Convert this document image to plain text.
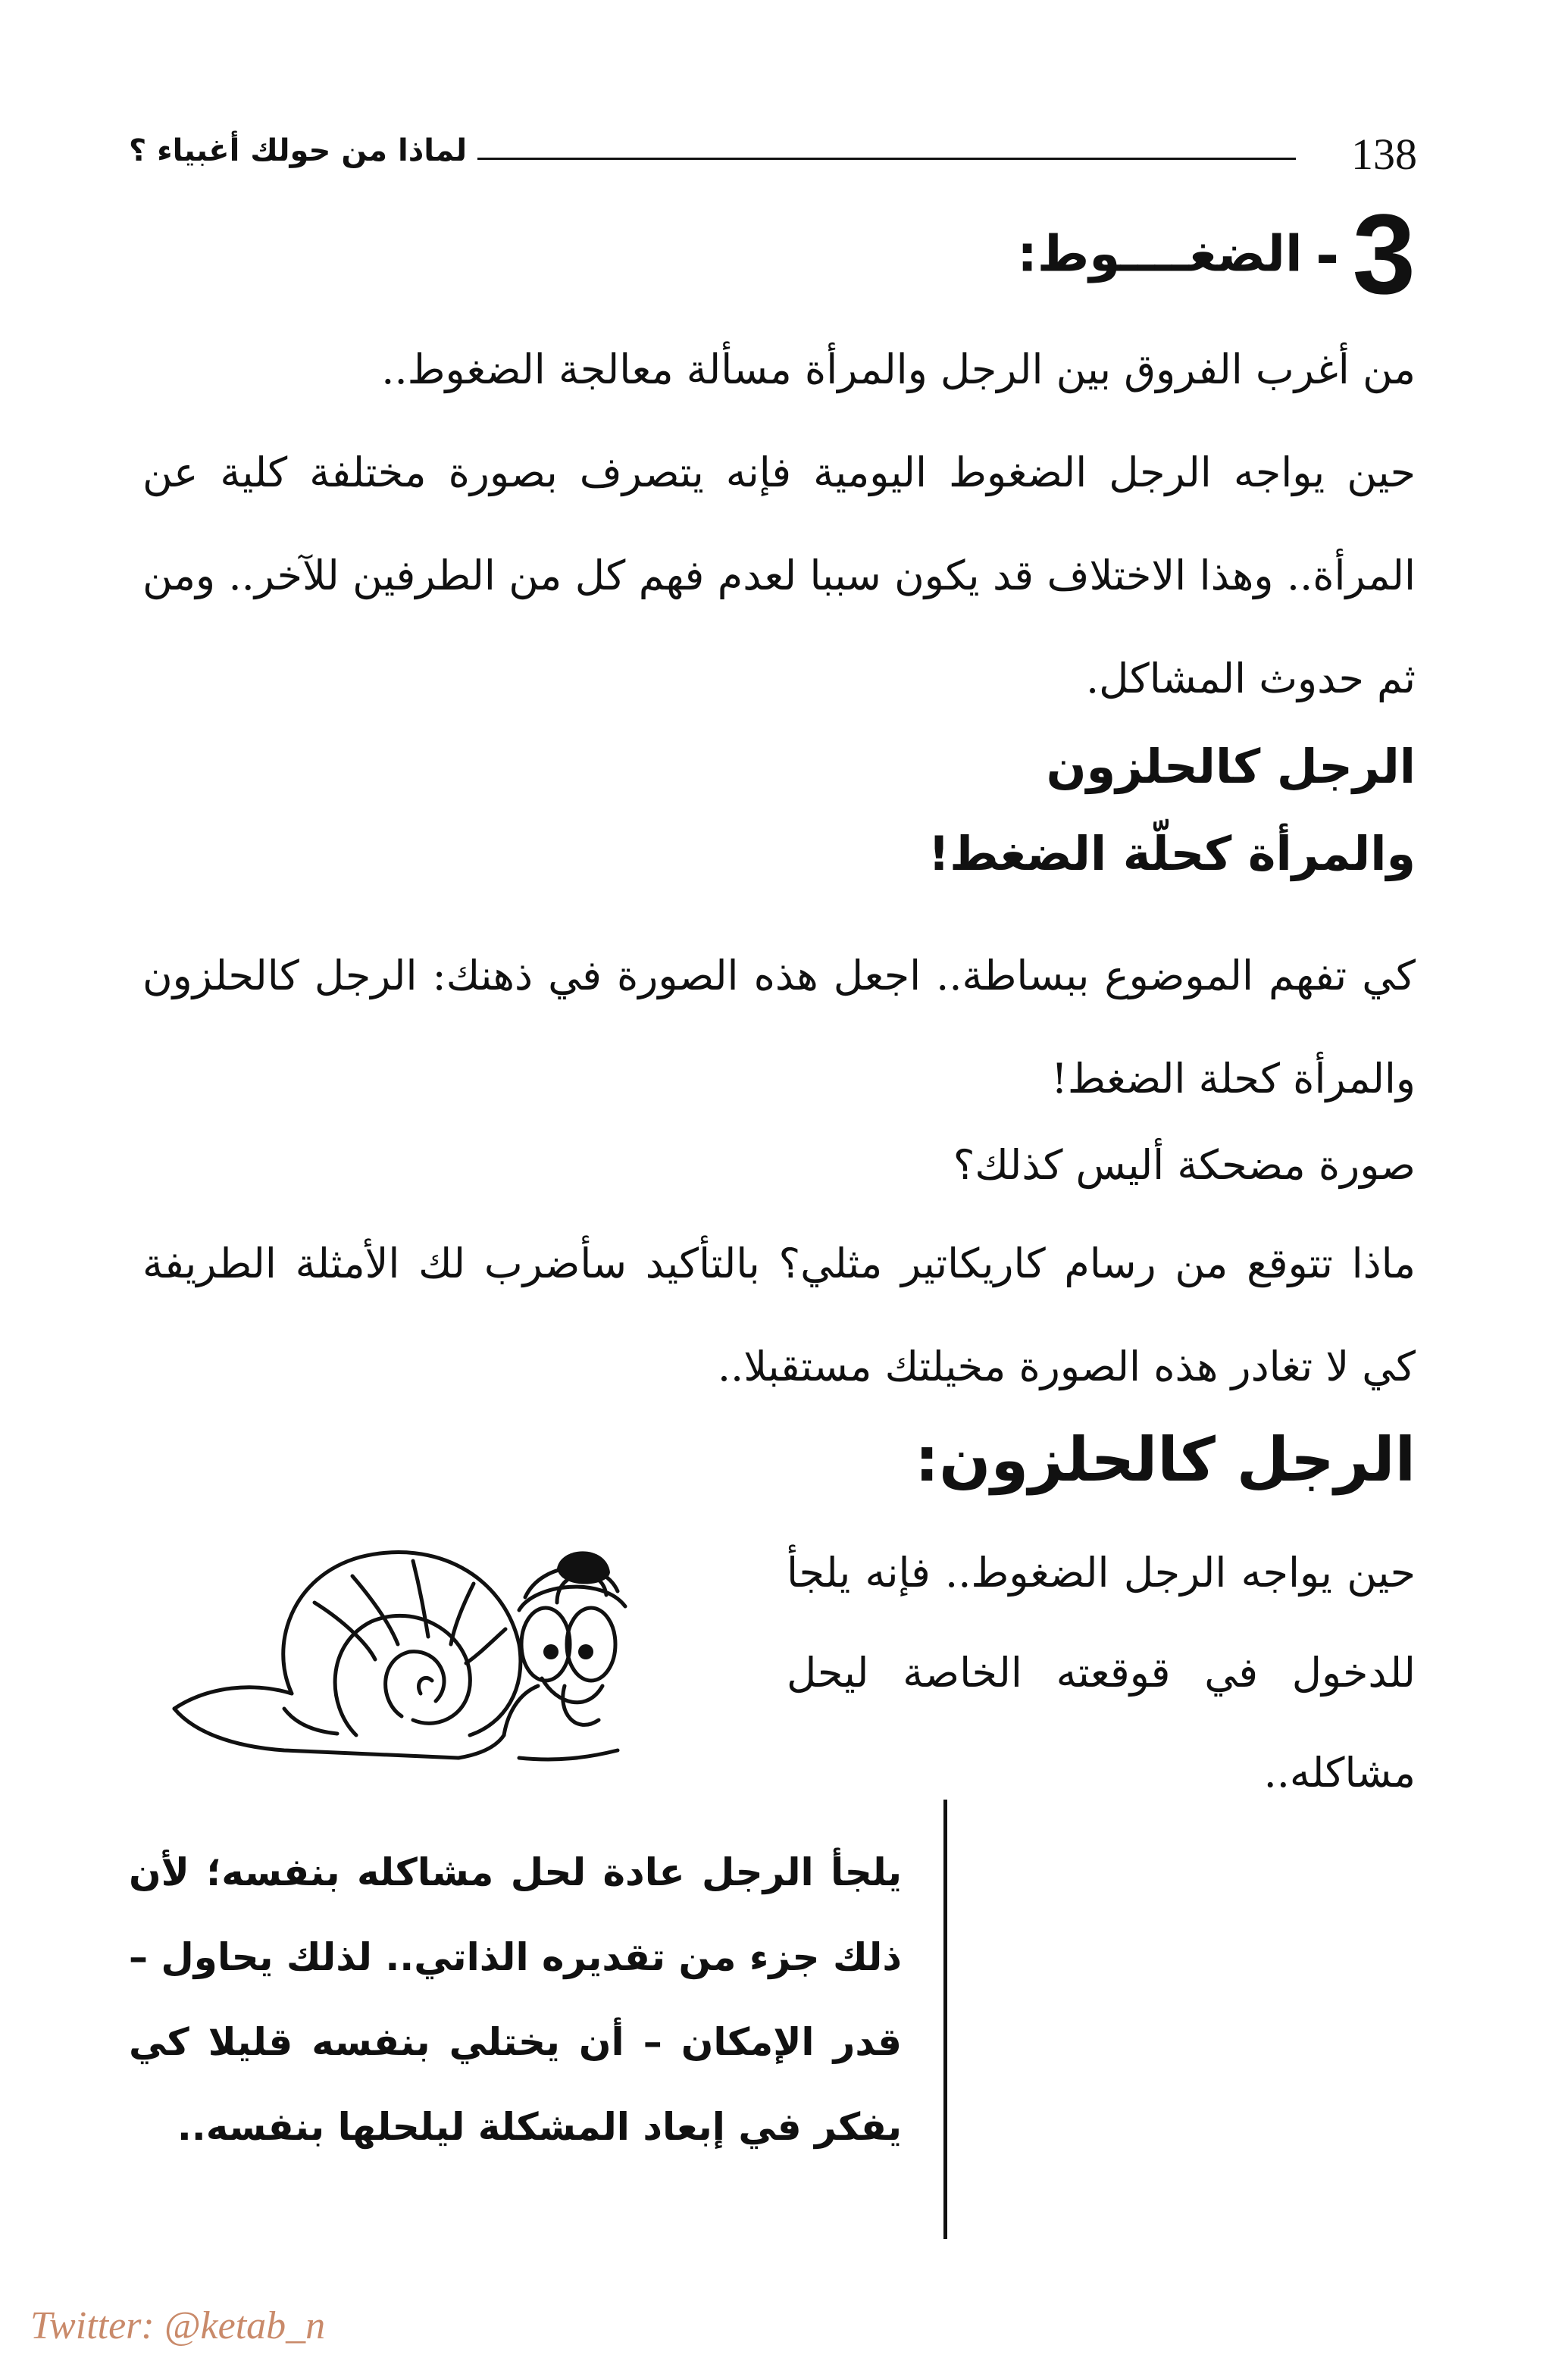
لماذا من حولك أغبياء ؟	138
3-الضغــــوط:
من أغرب الفروق بين الرجل والمرأة مسألة معالجة الضغوط..
حين يواجه الرجل الضغوط اليومية فإنه يتصرف بصورة مختلفة كلية عن المرأة.. وهذا الاختلاف قد يكون سببا لعدم فهم كل من الطرفين للآخر.. ومن ثم حدوث المشاكل.
الرجل كالحلزون
والمرأة كحلّة الضغط!
كي تفهم الموضوع ببساطة.. اجعل هذه الصورة في ذهنك: الرجل كالحلزون والمرأة كحلة الضغط!
صورة مضحكة أليس كذلك؟
ماذا تتوقع من رسام كاريكاتير مثلي؟ بالتأكيد سأضرب لك الأمثلة الطريفة كي لا تغادر هذه الصورة مخيلتك مستقبلا..
الرجل كالحلزون:
حين يواجه الرجل الضغوط.. فإنه يلجأ للدخول في قوقعته الخاصة ليحل مشاكله..
يلجأ الرجل عادة لحل مشاكله بنفسه؛ لأن ذلك جزء من تقديره الذاتي.. لذلك يحاول – قدر الإمكان – أن يختلي بنفسه قليلا كي يفكر في إبعاد المشكلة ليلحلها بنفسه..
Twitter: @ketab_n
